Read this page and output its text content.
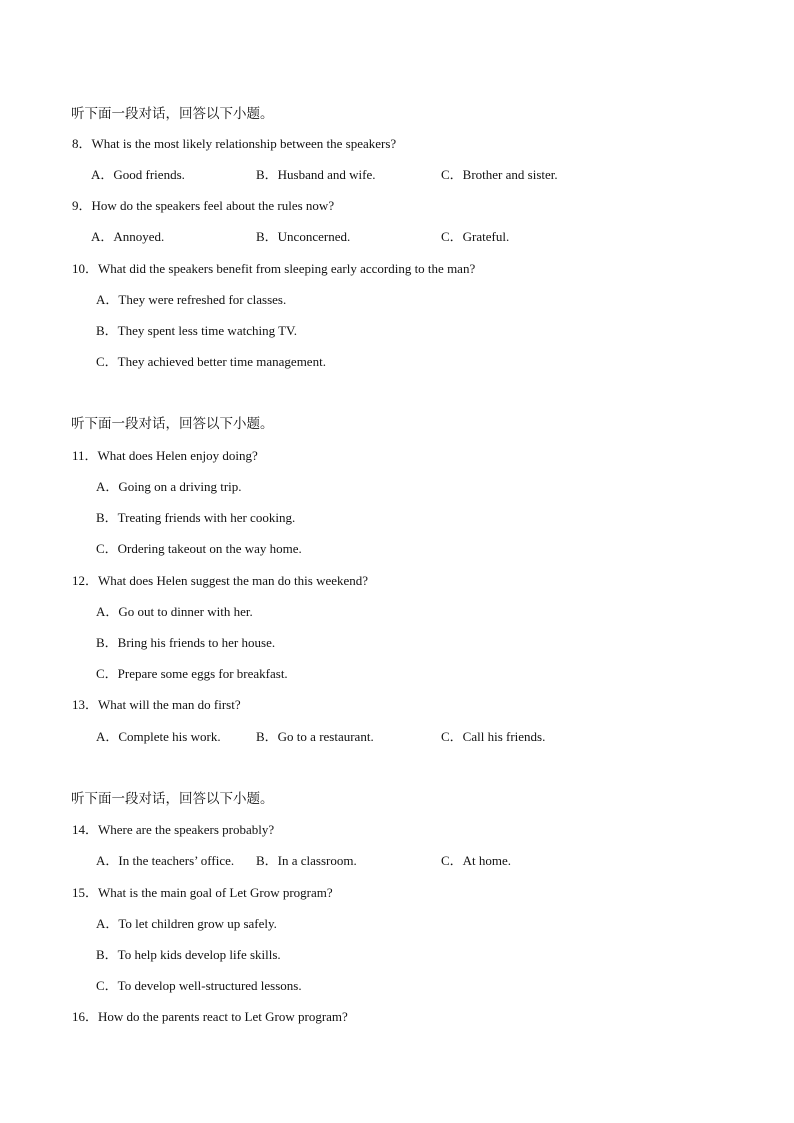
听下面一段对话，回答以下小题。
8．What is the most likely relationship between the speakers?
A．Good friends.	B．Husband and wife.	C．Brother and sister.
9．How do the speakers feel about the rules now?
A．Annoyed.	B．Unconcerned.	C．Grateful.
10．What did the speakers benefit from sleeping early according to the man?
A．They were refreshed for classes.
B．They spent less time watching TV.
C．They achieved better time management.
听下面一段对话，回答以下小题。
11．What does Helen enjoy doing?
A．Going on a driving trip.
B．Treating friends with her cooking.
C．Ordering takeout on the way home.
12．What does Helen suggest the man do this weekend?
A．Go out to dinner with her.
B．Bring his friends to her house.
C．Prepare some eggs for breakfast.
13．What will the man do first?
A．Complete his work.	B．Go to a restaurant.	C．Call his friends.
听下面一段对话，回答以下小题。
14．Where are the speakers probably?
A．In the teachers’ office. B．In a classroom.	C．At home.
15．What is the main goal of Let Grow program?
A．To let children grow up safely.
B．To help kids develop life skills.
C．To develop well-structured lessons.
16．How do the parents react to Let Grow program?
